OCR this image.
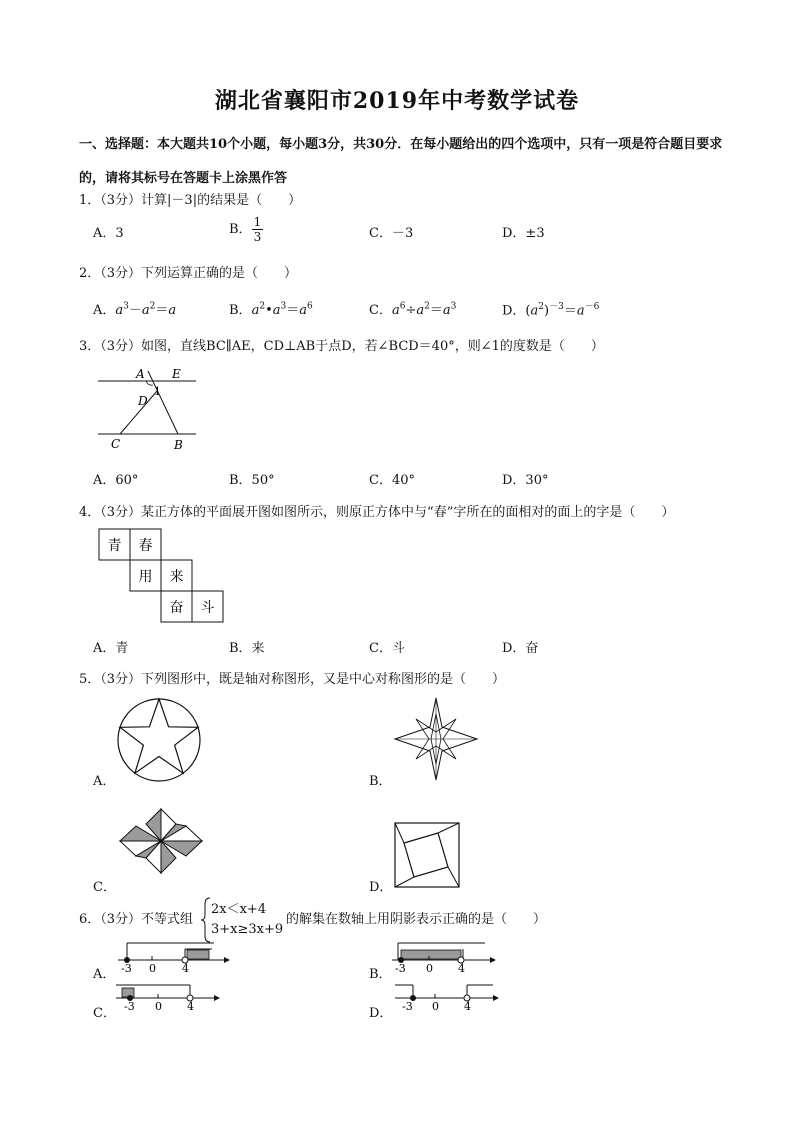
湖北省襄阳市2019年中考数学试卷
一、选择题：本大题共10个小题，每小题3分，共30分．在每小题给出的四个选项中，只有一项是符合题目要求的，请将其标号在答题卡上涂黑作答
1．（3分）计算|－3|的结果是（　　）
A．3	B． $\frac{1}{3}$	C．－3	D．±3
2．（3分）下列运算正确的是（　　）
A．$a^3-a^2=a$	B．$a^2•a^3=a^6$	C．$a^6\div a^2=a^3$	D．$(a^2)^{-3}=a^{-6}$
3．（3分）如图，直线BC∥AE，CD⊥AB于点D，若∠BCD＝40°，则∠1的度数是（　　）
A E
D
1
C	B
A．60°	B．50°	C．40°	D．30°
4．（3分）某正方体的平面展开图如图所示，则原正方体中与“春”字所在的面相对的面上的字是（　　）
青 春
用 来
奋 斗
A．青	B．来	C．斗	D．奋
5．（3分）下列图形中，既是轴对称图形，又是中心对称图形的是（　　）
A．	B．
C．	D．
6．（3分）不等式组
2x＜x+4
3+x≥3x+9
的解集在数轴上用阴影表示正确的是（　　）
A． -3 0 4	B． -3 0 4
C． -3 0 4	D． -3 0 4
